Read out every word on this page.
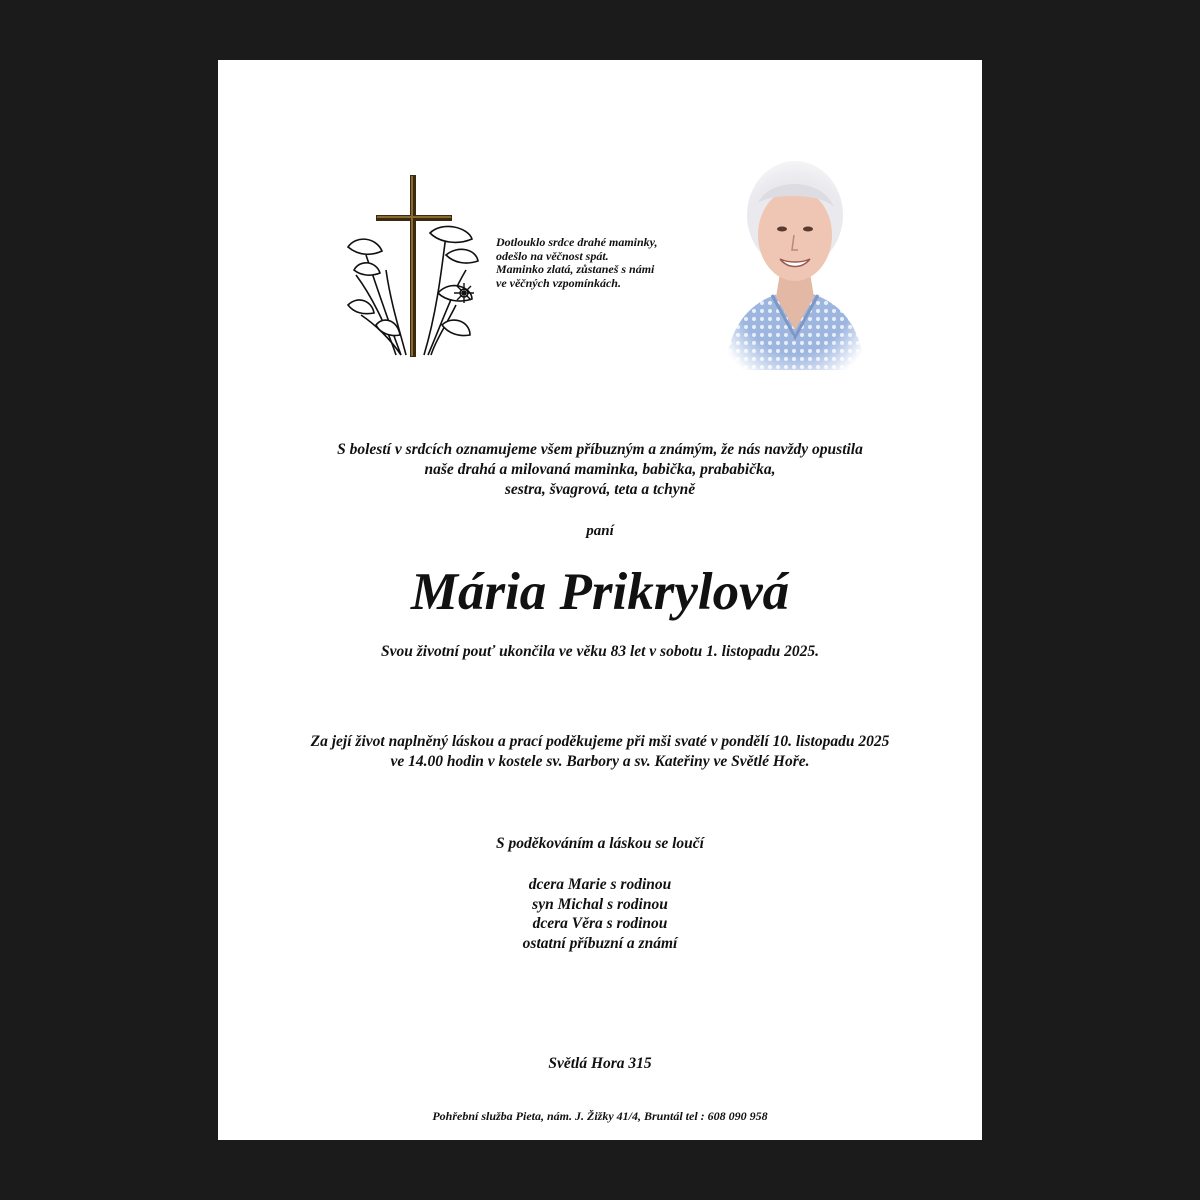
Dotlouklo srdce drahé maminky,
odešlo na věčnost spát.
Maminko zlatá, zůstaneš s námi
ve věčných vzpomínkách.
S bolestí v srdcích oznamujeme všem příbuzným a známým, že nás navždy opustila
naše drahá a milovaná maminka, babička, prababička,
sestra, švagrová, teta a tchyně
paní
Mária Prikrylová
Svou životní pouť ukončila ve věku 83 let v sobotu 1. listopadu 2025.
Za její život naplněný láskou a prací poděkujeme při mši svaté v pondělí 10. listopadu 2025
ve 14.00 hodin v kostele sv. Barbory a sv. Kateřiny ve Světlé Hoře.
S poděkováním a láskou se loučí
dcera Marie s rodinou
syn Michal s rodinou
dcera Věra s rodinou
ostatní příbuzní a známí
Světlá Hora 315
Pohřební služba Pieta, nám. J. Žižky 41/4, Bruntál tel : 608 090 958
